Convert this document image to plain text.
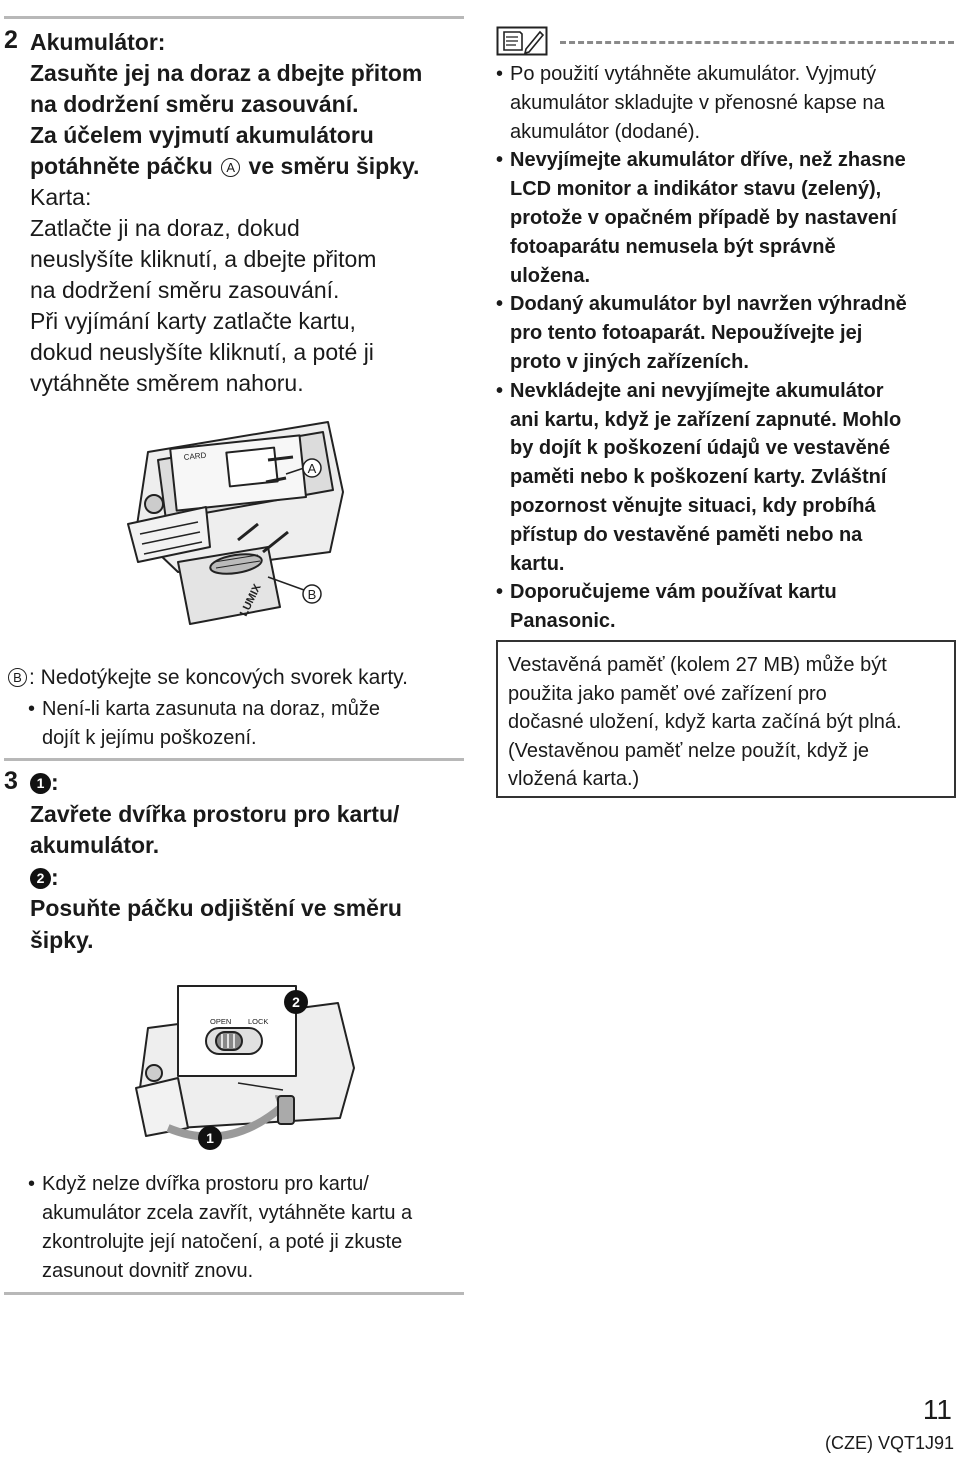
2 Akumulátor:
Zasuňte jej na doraz a dbejte přitom
na dodržení směru zasouvání.
Za účelem vyjmutí akumulátoru
potáhněte páčku A ve směru šipky.
Karta:
Zatlačte ji na doraz, dokud
neuslyšíte kliknutí, a dbejte přitom
na dodržení směru zasouvání.
Při vyjímání karty zatlačte kartu,
dokud neuslyšíte kliknutí, a poté ji
vytáhněte směrem nahoru.
CARD
LUMIX
A
B
B : Nedotýkejte se koncových svorek karty.
• Není-li karta zasunuta na doraz, může
dojít k jejímu poškození.
3	1 :
Zavřete dvířka prostoru pro kartu/
akumulátor.
2 :
Posuňte páčku odjištění ve směru
šipky.
OPEN LOCK
2
1
• Když nelze dvířka prostoru pro kartu/
akumulátor zcela zavřít, vytáhněte kartu a
zkontrolujte její natočení, a poté ji zkuste
zasunout dovnitř znovu.
• Po použití vytáhněte akumulátor. Vyjmutý
akumulátor skladujte v přenosné kapse na
akumulátor (dodané).
• Nevyjímejte akumulátor dříve, než zhasne
LCD monitor a indikátor stavu (zelený),
protože v opačném případě by nastavení
fotoaparátu nemusela být správně
uložena.
• Dodaný akumulátor byl navržen výhradně
pro tento fotoaparát. Nepoužívejte jej
proto v jiných zařízeních.
• Nevkládejte ani nevyjímejte akumulátor
ani kartu, když je zařízení zapnuté. Mohlo
by dojít k poškození údajů ve vestavěné
paměti nebo k poškození karty. Zvláštní
pozornost věnujte situaci, kdy probíhá
přístup do vestavěné paměti nebo na
kartu.
• Doporučujeme vám používat kartu
Panasonic.
Vestavěná paměť (kolem 27 MB) může být
použita jako paměť ové zařízení pro
dočasné uložení, když karta začíná být plná.
(Vestavěnou paměť nelze použít, když je
vložená karta.)
11
(CZE) VQT1J91
